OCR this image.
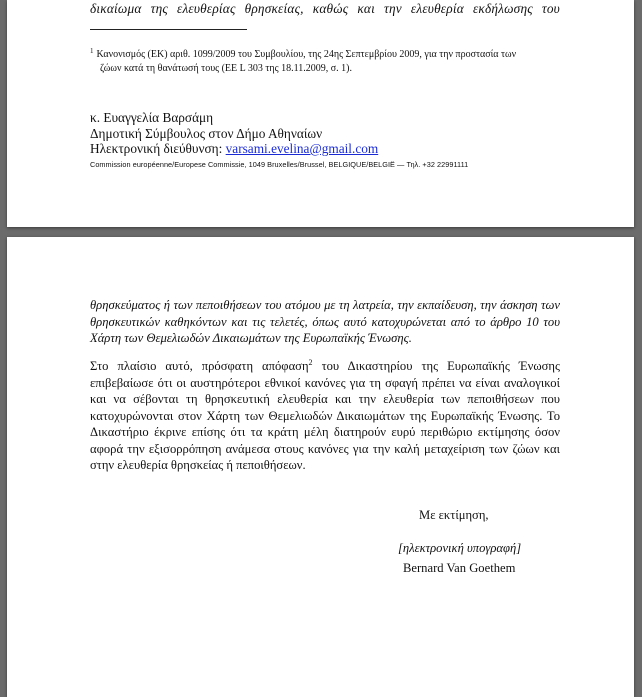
δικαίωμα της ελευθερίας θρησκείας, καθώς και την ελευθερία εκδήλωσης του
$^1$ Κανονισμός (ΕΚ) αριθ. 1099/2009 του Συμβουλίου, της 24ης Σεπτεμβρίου 2009, για την προστασία των
ζώων κατά τη θανάτωσή τους (ΕΕ L 303 της 18.11.2009, σ. 1).
κ. Ευαγγελία Βαρσάμη
Δημοτική Σύμβουλος στον Δήμο Αθηναίων
Ηλεκτρονική διεύθυνση: varsami.evelina@gmail.com
Commission européenne/Europese Commissie, 1049 Bruxelles/Brussel, BELGIQUE/BELGIË — Τηλ. +32 22991111
θρησκεύματος ή των πεποιθήσεων του ατόμου με τη λατρεία, την εκπαίδευση, την άσκηση των θρησκευτικών καθηκόντων και τις τελετές, όπως αυτό κατοχυρώνεται από το άρθρο 10 του Χάρτη των Θεμελιωδών Δικαιωμάτων της Ευρωπαϊκής Ένωσης.
Στο πλαίσιο αυτό, πρόσφατη απόφαση$^2$ του Δικαστηρίου της Ευρωπαϊκής Ένωσης επιβεβαίωσε ότι οι αυστηρότεροι εθνικοί κανόνες για τη σφαγή πρέπει να είναι αναλογικοί και να σέβονται τη θρησκευτική ελευθερία και την ελευθερία των πεποιθήσεων που κατοχυρώνονται στον Χάρτη των Θεμελιωδών Δικαιωμάτων της Ευρωπαϊκής Ένωσης. Το Δικαστήριο έκρινε επίσης ότι τα κράτη μέλη διατηρούν ευρύ περιθώριο εκτίμησης όσον αφορά την εξισορρόπηση ανάμεσα στους κανόνες για την καλή μεταχείριση των ζώων και στην ελευθερία θρησκείας ή πεποιθήσεων.
Με εκτίμηση,
[ηλεκτρονική υπογραφή]
Bernard Van Goethem
